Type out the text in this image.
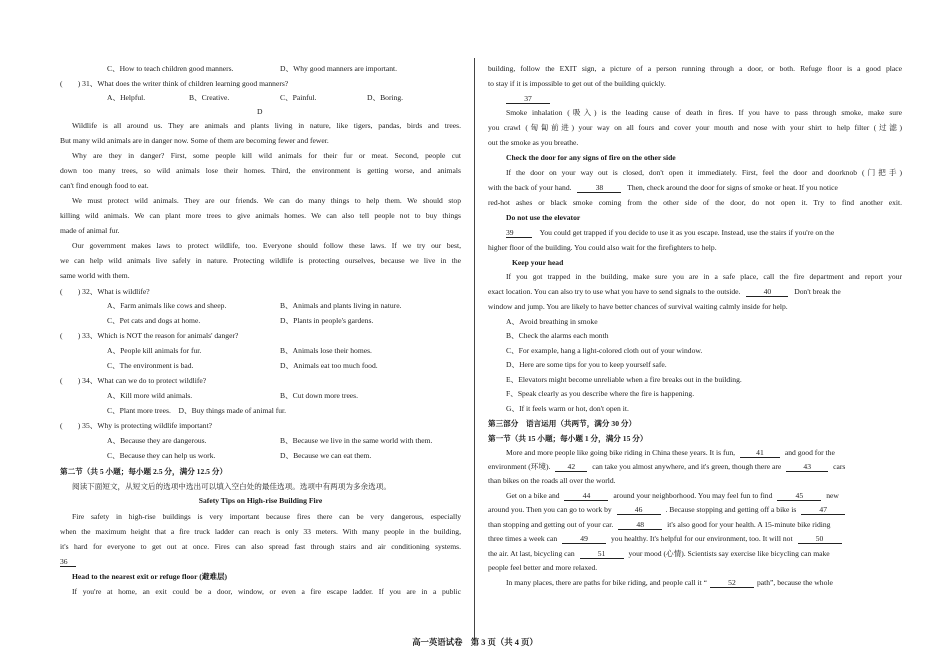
C、How to teach children good manners.	D、Why good manners are important.
(　　) 31、What does the writer think of children learning good manners?
A、Helpful.	B、Creative.	C、Painful.	D、Boring.
D
Wildlife is all around us. They are animals and plants living in nature, like tigers, pandas, birds and trees.
But many wild animals are in danger now. Some of them are becoming fewer and fewer.
Why are they in danger? First, some people kill wild animals for their fur or meat. Second, people cut
down too many trees, so wild animals lose their homes. Third, the environment is getting worse, and animals
can't find enough food to eat.
We must protect wild animals. They are our friends. We can do many things to help them. We should stop
killing wild animals. We can plant more trees to give animals homes. We can also tell people not to buy things
made of animal fur.
Our government makes laws to protect wildlife, too. Everyone should follow these laws. If we try our best,
we can help wild animals live safely in nature. Protecting wildlife is protecting ourselves, because we live in the
same world with them.
(　　) 32、What is wildlife?
A、Farm animals like cows and sheep.	B、Animals and plants living in nature.
C、Pet cats and dogs at home.	D、Plants in people's gardens.
(　　) 33、Which is NOT the reason for animals' danger?
A、People kill animals for fur.	B、Animals lose their homes.
C、The environment is bad.	D、Animals eat too much food.
(　　) 34、What can we do to protect wildlife?
A、Kill more wild animals.	B、Cut down more trees.
C、Plant more trees.　D、Buy things made of animal fur.
(　　) 35、Why is protecting wildlife important?
A、Because they are dangerous.	B、Because we live in the same world with them.
C、Because they can help us work.	D、Because we can eat them.
第二节（共 5 小题；每小题 2.5 分，满分 12.5 分）
阅读下面短文，从短文后的选项中选出可以填入空白处的最佳选项。选项中有两项为多余选项。
Safety Tips on High-rise Building Fire
Fire safety in high-rise buildings is very important because fires there can be very dangerous, especially
when the maximum height that a fire truck ladder can reach is only 33 meters. With many people in the building,
it's hard for everyone to get out at once. Fires can also spread fast through stairs and air conditioning systems.
36
Head to the nearest exit or refuge floor (避难层)
If you're at home, an exit could be a door, window, or even a fire escape ladder. If you are in a public
building, follow the EXIT sign, a picture of a person running through a door, or both. Refuge floor is a good place
to stay if it is impossible to get out of the building quickly.
37
Smoke inhalation (吸入) is the leading cause of death in fires. If you have to pass through smoke, make sure
you crawl (匈匐前进) your way on all fours and cover your mouth and nose with your shirt to help filter (过滤)
out the smoke as you breathe.
Check the door for any signs of fire on the other side
If the door on your way out is closed, don't open it immediately. First, feel the door and doorknob (门把手)
with the back of your hand.	38	Then, check around the door for signs of smoke or heat. If you notice
red-hot ashes or black smoke coming from the other side of the door, do not open it. Try to find another exit.
Do not use the elevator
39	You could get trapped if you decide to use it as you escape. Instead, use the stairs if you're on the
higher floor of the building. You could also wait for the firefighters to help.
Keep your head
If you got trapped in the building, make sure you are in a safe place, call the fire department and report your
exact location. You can also try to use what you have to send signals to the outside.	40	Don't break the
window and jump. You are likely to have better chances of survival waiting calmly inside for help.
A、Avoid breathing in smoke
B、Check the alarms each month
C、For example, hang a light-colored cloth out of your window.
D、Here are some tips for you to keep yourself safe.
E、Elevators might become unreliable when a fire breaks out in the building.
F、Speak clearly as you describe where the fire is happening.
G、If it feels warm or hot, don't open it.
第三部分　语言运用（共两节，满分 30 分）
第一节（共 15 小题；每小题 1 分，满分 15 分）
More and more people like going bike riding in China these years. It is fun,	41	and good for the
environment (环境). 42 can take you almost anywhere, and it's green, though there are	43	cars
than bikes on the roads all over the world.
Get on a bike and	44	around your neighborhood. You may feel fun to find	45	new
around you. Then you can go to work by	46	. Because stopping and getting off a bike is	47
than stopping and getting out of your car.	48	it's also good for your health. A 15-minute bike riding
three times a week can	49	you healthy. It's helpful for our environment, too. It will not	50
the air. At last, bicycling can	51	your mood (心情). Scientists say exercise like bicycling can make
people feel better and more relaxed.
In many places, there are paths for bike riding, and people call it “	52	path”, because the whole
高一英语试卷　第 3 页（共 4 页）
